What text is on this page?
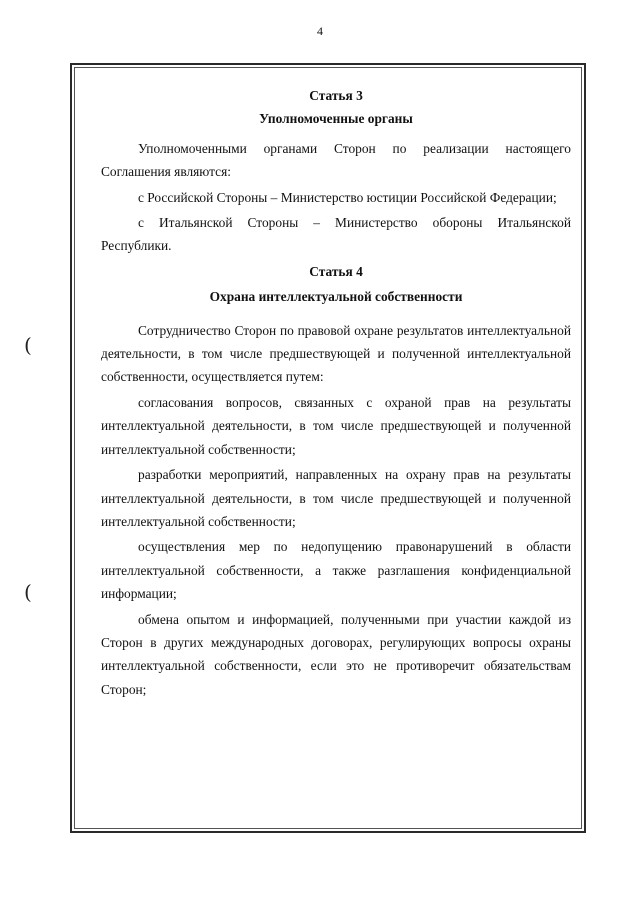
4
(
(

Статья 3

Уполномоченные органы

Уполномоченными органами Сторон по реализации настоящего Соглашения являются:

с Российской Стороны – Министерство юстиции Российской Федерации;

с Итальянской Стороны – Министерство обороны Итальянской Республики.

Статья 4

Охрана интеллектуальной собственности

Сотрудничество Сторон по правовой охране результатов интеллектуальной деятельности, в том числе предшествующей и полученной интеллектуальной собственности, осуществляется путем:

согласования вопросов, связанных с охраной прав на результаты интеллектуальной деятельности, в том числе предшествующей и полученной интеллектуальной собственности;

разработки мероприятий, направленных на охрану прав на результаты интеллектуальной деятельности, в том числе предшествующей и полученной интеллектуальной собственности;

осуществления мер по недопущению правонарушений в области интеллектуальной собственности, а также разглашения конфиденциальной информации;

обмена опытом и информацией, полученными при участии каждой из Сторон в других международных договорах, регулирующих вопросы охраны интеллектуальной собственности, если это не противоречит обязательствам Сторон;
